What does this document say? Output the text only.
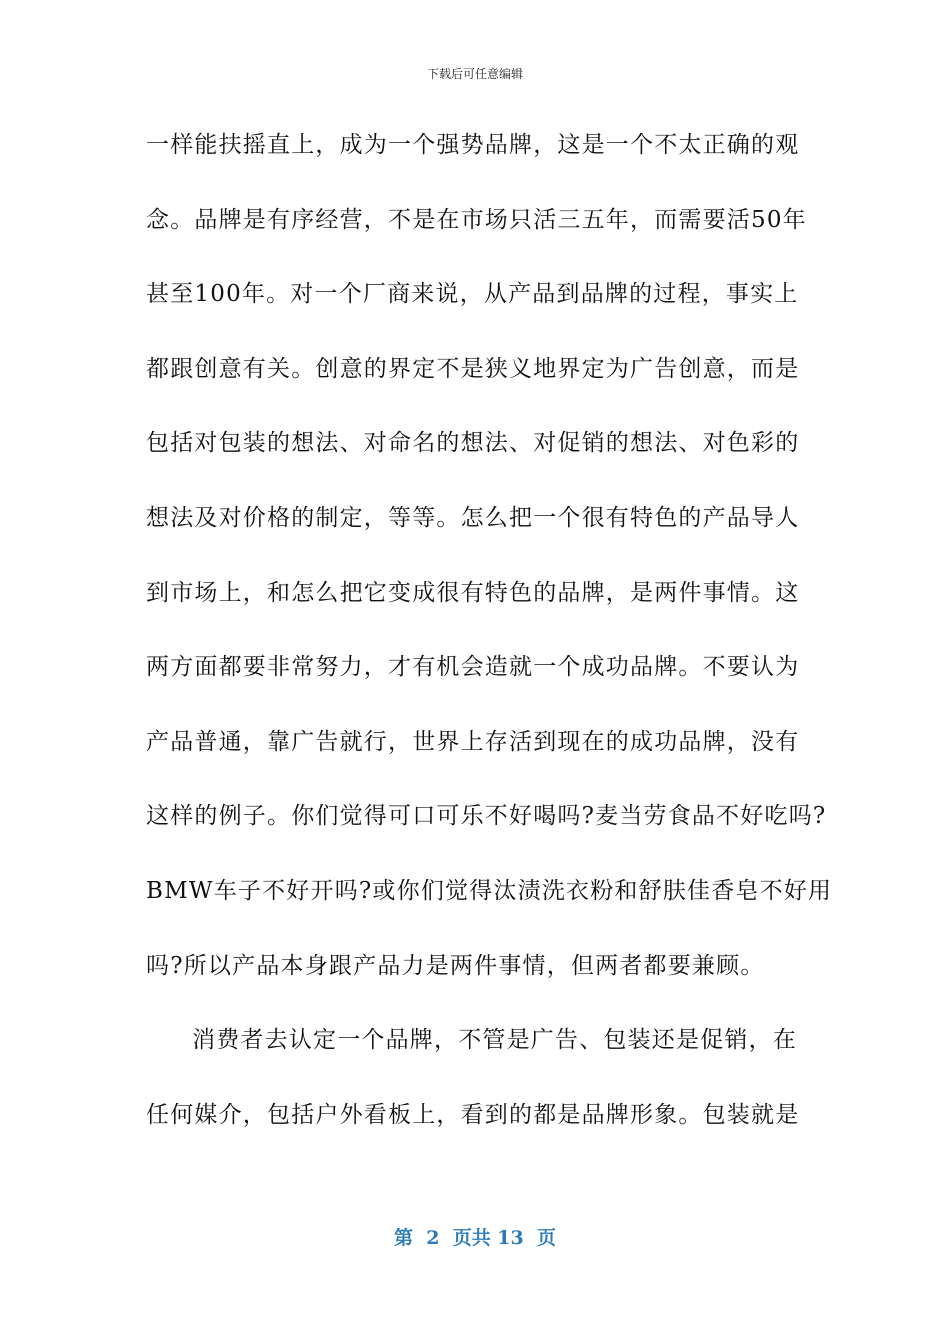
下载后可任意编辑
一样能扶摇直上，成为一个强势品牌，这是一个不太正确的观
念。品牌是有序经营，不是在市场只活三五年，而需要活50年
甚至100年。对一个厂商来说，从产品到品牌的过程，事实上
都跟创意有关。创意的界定不是狭义地界定为广告创意，而是
包括对包装的想法、对命名的想法、对促销的想法、对色彩的
想法及对价格的制定，等等。怎么把一个很有特色的产品导人
到市场上，和怎么把它变成很有特色的品牌，是两件事情。这
两方面都要非常努力，才有机会造就一个成功品牌。不要认为
产品普通，靠广告就行，世界上存活到现在的成功品牌，没有
这样的例子。你们觉得可口可乐不好喝吗?麦当劳食品不好吃吗?
BMW车子不好开吗?或你们觉得汰渍洗衣粉和舒肤佳香皂不好用
吗?所以产品本身跟产品力是两件事情，但两者都要兼顾。
消费者去认定一个品牌，不管是广告、包装还是促销，在
任何媒介，包括户外看板上，看到的都是品牌形象。包装就是
第  2  页共 13  页
